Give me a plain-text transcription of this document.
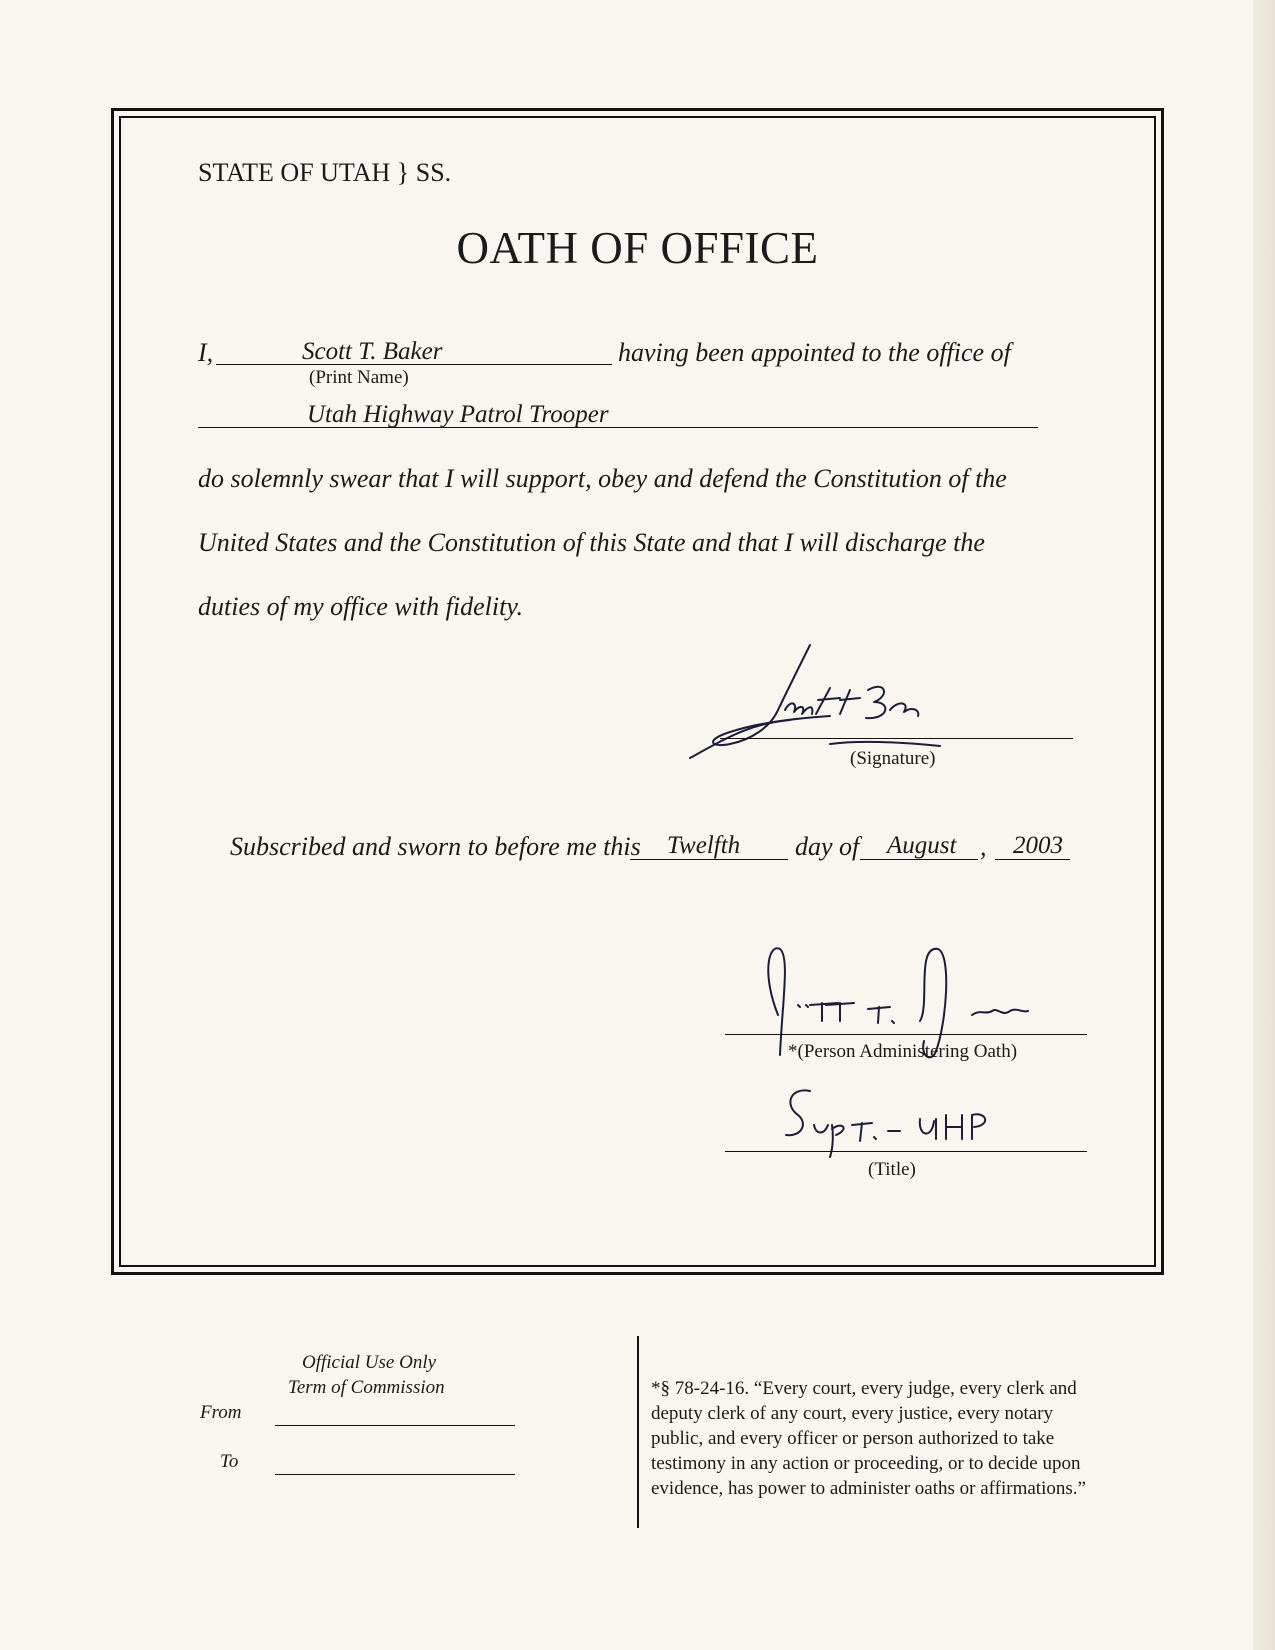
STATE OF UTAH } SS.
OATH OF OFFICE
I,	Scott T. Baker
(Print Name)
having been appointed to the office of
Utah Highway Patrol Trooper
do solemnly swear that I will support, obey and defend the Constitution of the
United States and the Constitution of this State and that I will discharge the
duties of my office with fidelity.
(Signature)
Subscribed and sworn to before me this Twelfth day of August , 2003
*(Person Administering Oath)
(Title)
Official Use Only
Term of Commission
From
To
*§ 78-24-16. “Every court, every judge, every clerk and
deputy clerk of any court, every justice, every notary
public, and every officer or person authorized to take
testimony in any action or proceeding, or to decide upon
evidence, has power to administer oaths or affirmations.”
